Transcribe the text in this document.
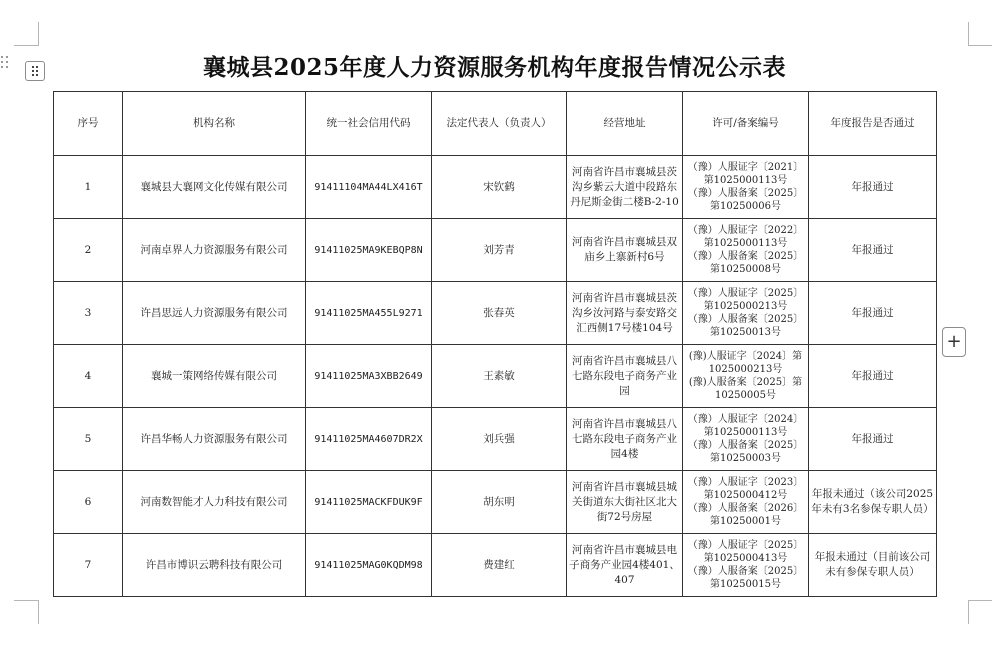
+
襄城县2025年度人力资源服务机构年度报告情况公示表
序号	机构名称	统一社会信用代码	法定代表人（负责人）	经营地址	许可/备案编号	年度报告是否通过
1	襄城县大襄网文化传媒有限公司	91411104MA44LX416T	宋钦鹤	河南省许昌市襄城县茨沟乡紫云大道中段路东丹尼斯金街二楼B-2-10	（豫）人服证字〔2021〕第1025000113号
（豫）人服备案〔2025〕第10250006号	年报通过
2	河南卓界人力资源服务有限公司	91411025MA9KEBQP8N	刘芳青	河南省许昌市襄城县双庙乡上寨新村6号	（豫）人服证字〔2022〕第1025000113号
（豫）人服备案〔2025〕第10250008号	年报通过
3	许昌思远人力资源服务有限公司	91411025MA455L9271	张春英	河南省许昌市襄城县茨沟乡汝河路与泰安路交汇西侧17号楼104号	（豫）人服证字〔2025〕第1025000213号
（豫）人服备案〔2025〕第10250013号	年报通过
4	襄城一策网络传媒有限公司	91411025MA3XBB2649	王素敏	河南省许昌市襄城县八七路东段电子商务产业园	(豫)人服证字〔2024〕第1025000213号
(豫)人服备案〔2025〕第10250005号	年报通过
5	许昌华畅人力资源服务有限公司	91411025MA4607DR2X	刘兵强	河南省许昌市襄城县八七路东段电子商务产业园4楼	（豫）人服证字〔2024〕第1025000113号
（豫）人服备案〔2025〕第10250003号	年报通过
6	河南数智能才人力科技有限公司	91411025MACKFDUK9F	胡东明	河南省许昌市襄城县城关街道东大街社区北大街72号房屋	（豫）人服证字〔2023〕第1025000412号
（豫）人服备案〔2026〕第10250001号	年报未通过（该公司2025年未有3名参保专职人员）
7	许昌市博识云聘科技有限公司	91411025MAG0KQDM98	费建红	河南省许昌市襄城县电子商务产业园4楼401、407	（豫）人服证字〔2025〕第1025000413号
（豫）人服备案〔2025〕第10250015号	年报未通过（目前该公司未有参保专职人员）
